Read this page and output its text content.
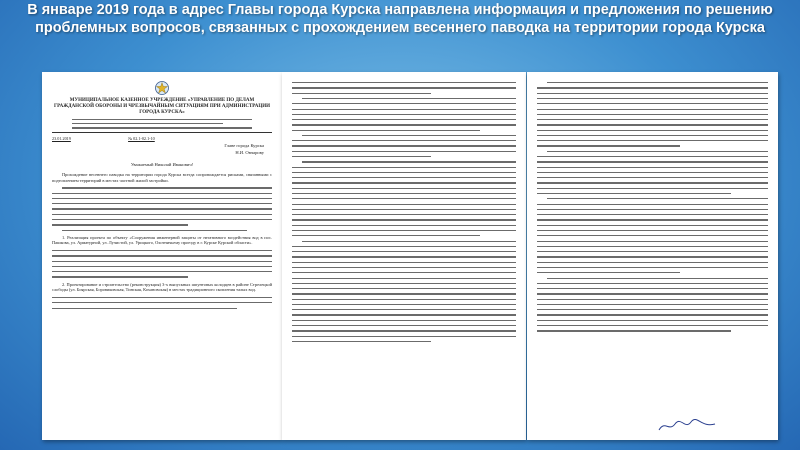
В январе 2019 года в адрес Главы города Курска направлена информация и предложения по решению проблемных вопросов, связанных с прохождением весеннего паводка на территории города Курска
МУНИЦИПАЛЬНОЕ КАЗЕННОЕ УЧРЕЖДЕНИЕ «УПРАВЛЕНИЕ ПО ДЕЛАМ ГРАЖДАНСКОЙ ОБОРОНЫ И ЧРЕЗВЫЧАЙНЫМ СИТУАЦИЯМ ПРИ АДМИНИСТРАЦИИ ГОРОДА КУРСКА»
23.01.2019	№ 02.1-02.1-10
Главе города Курска
Н.И. Овчарову
Уважаемый Николай Иванович!
Прохождение весеннего паводка на территории города Курска всегда сопровождается рисками, связанными с подтоплением территорий в местах частной жилой застройки.
1. Реализация проекта по объекту «Сооружения инженерной защиты от негативного воздействия вод в пос. Пашкова, ул. Арматурной, ул. Лучистой, ул. Урицкого, Охотничьему проезду в г. Курске Курской области».
2. Проектирование и строительство (реконструкция) 3-х выпускных шпунтовых колодцев в районе Стрелецкой слободы (ул. Боярская, Боровиковская, Тинская, Кохановская) в местах традиционного скопления талых вод.
